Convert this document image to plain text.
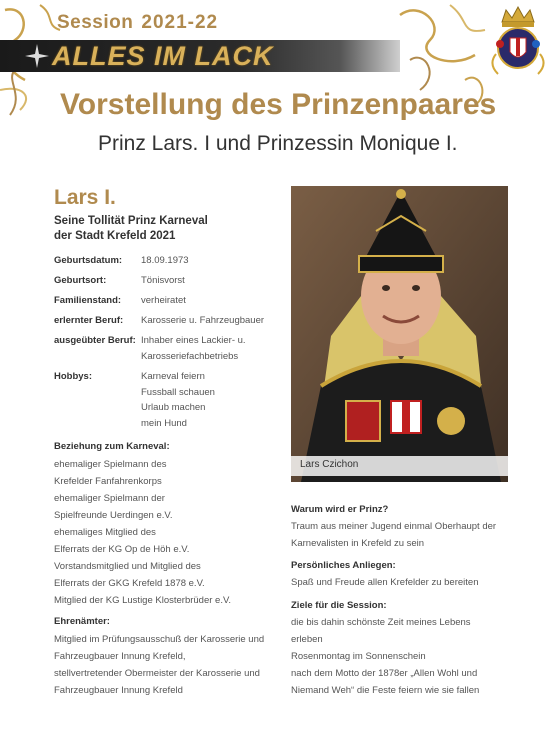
Session 2021-22
ALLES IM LACK
Vorstellung des Prinzenpaares
Prinz Lars. I und Prinzessin Monique I.
Lars I.
Seine Tollität Prinz Karneval
der Stadt Krefeld 2021
Geburtsdatum:	18.09.1973
Geburtsort:	Tönisvorst
Familienstand:	verheiratet
erlernter Beruf:	Karosserie u. Fahrzeugbauer
ausgeübter Beruf: Inhaber eines Lackier- u. Karosseriefachbetriebs
Hobbys:	Karneval feiern
Fussball schauen
Urlaub machen
mein Hund
Beziehung zum Karneval:
ehemaliger Spielmann des
Krefelder Fanfahrenkorps
ehemaliger Spielmann der
Spielfreunde Uerdingen e.V.
ehemaliges Mitglied des
Elferrats der KG Op de Höh e.V.
Vorstandsmitglied und Mitglied des
Elferrats der GKG Krefeld 1878 e.V.
Mitglied der KG Lustige Klosterbrüder e.V.
Ehrenämter:
Mitglied im Prüfungsausschuß der Karosserie und
Fahrzeugbauer Innung Krefeld,
stellvertretender Obermeister der Karosserie und
Fahrzeugbauer Innung Krefeld
Lars Czichon
Warum wird er Prinz?
Traum aus meiner Jugend einmal Oberhaupt der
Karnevalisten in Krefeld zu sein
Persönliches Anliegen:
Spaß und Freude allen Krefelder zu bereiten
Ziele für die Session:
die bis dahin schönste Zeit meines Lebens
erleben
Rosenmontag im Sonnenschein
nach dem Motto der 1878er „Allen Wohl und
Niemand Weh“ die Feste feiern wie sie fallen
